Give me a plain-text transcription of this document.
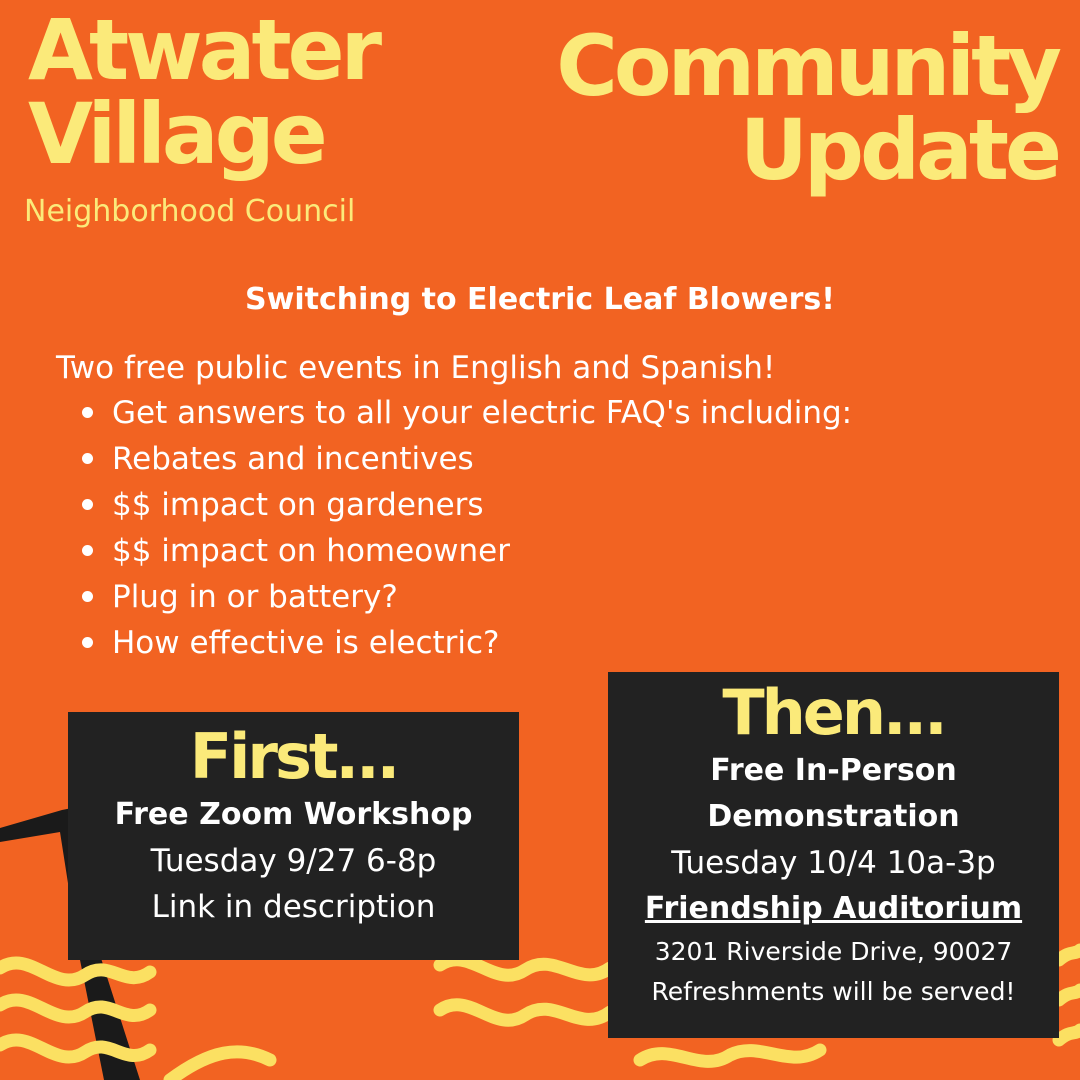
Atwater
Village
Neighborhood Council
Community
Update
Switching to Electric Leaf Blowers!
Two free public events in English and Spanish!
Get answers to all your electric FAQ's including:
Rebates and incentives
$$ impact on gardeners
$$ impact on homeowner
Plug in or battery?
How effective is electric?
First...
Free Zoom Workshop
Tuesday 9/27 6-8p
Link in description
Then...
Free In-Person
Demonstration
Tuesday 10/4 10a-3p
Friendship Auditorium
3201 Riverside Drive, 90027
Refreshments will be served!
